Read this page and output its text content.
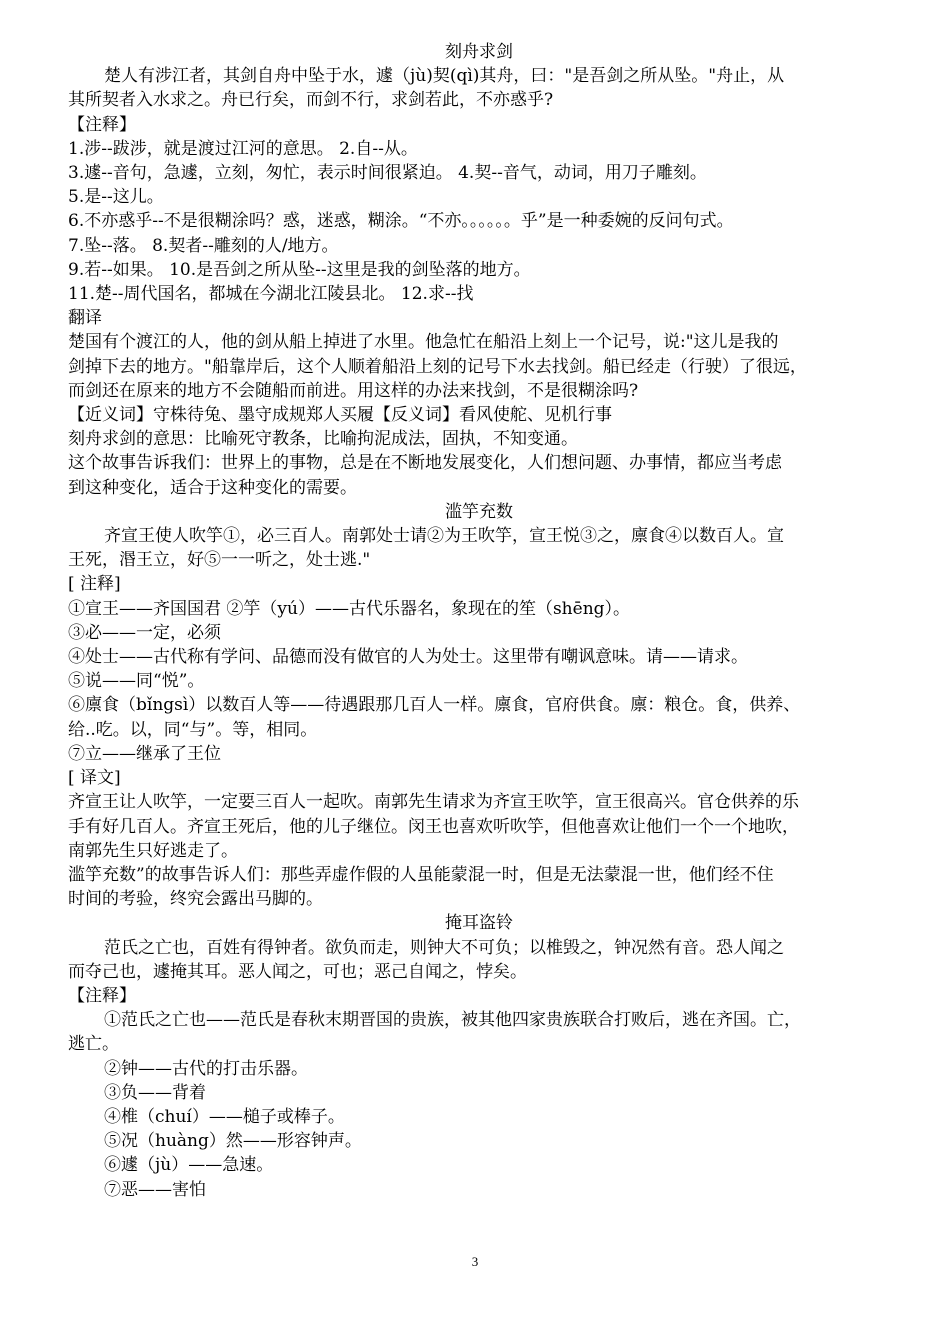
刻舟求剑
楚人有涉江者，其剑自舟中坠于水，遽（jù)契(qì)其舟，曰："是吾剑之所从坠。"舟止，从
其所契者入水求之。舟已行矣，而剑不行，求剑若此，不亦惑乎?
【注释】
1.涉--跋涉，就是渡过江河的意思。 2.自--从。
3.遽--音句，急遽，立刻，匆忙，表示时间很紧迫。 4.契--音气，动词，用刀子雕刻。
5.是--这儿。
6.不亦惑乎--不是很糊涂吗？惑，迷惑，糊涂。“不亦。。。。。。乎”是一种委婉的反问句式。
7.坠--落。 8.契者--雕刻的人/地方。
9.若--如果。 10.是吾剑之所从坠--这里是我的剑坠落的地方。
11.楚--周代国名，都城在今湖北江陵县北。 12.求--找
翻译
楚国有个渡江的人，他的剑从船上掉进了水里。他急忙在船沿上刻上一个记号，说:"这儿是我的
剑掉下去的地方。"船靠岸后，这个人顺着船沿上刻的记号下水去找剑。船已经走（行驶）了很远，
而剑还在原来的地方不会随船而前进。用这样的办法来找剑，不是很糊涂吗?
【近义词】守株待兔、墨守成规郑人买履【反义词】看风使舵、见机行事
刻舟求剑的意思：比喻死守教条，比喻拘泥成法，固执，不知变通。
这个故事告诉我们：世界上的事物，总是在不断地发展变化，人们想问题、办事情，都应当考虑
到这种变化，适合于这种变化的需要。
滥竽充数
齐宣王使人吹竽①，必三百人。南郭处士请②为王吹竽，宣王悦③之，廪食④以数百人。宣
王死，湣王立，好⑤一一听之，处士逃."
[ 注释]
①宣王——齐国国君 ②竽（yú）——古代乐器名，象现在的笙（shēng）。
③必——一定，必须
④处士——古代称有学问、品德而没有做官的人为处士。这里带有嘲讽意味。请——请求。
⑤说——同“悦”。
⑥廪食（bǐngsì）以数百人等——待遇跟那几百人一样。廪食，官府供食。廪：粮仓。食，供养、
给..吃。以，同“与”。等，相同。
⑦立——继承了王位
[ 译文]
齐宣王让人吹竽，一定要三百人一起吹。南郭先生请求为齐宣王吹竽，宣王很高兴。官仓供养的乐
手有好几百人。齐宣王死后，他的儿子继位。闵王也喜欢听吹竽，但他喜欢让他们一个一个地吹，
南郭先生只好逃走了。
滥竽充数”的故事告诉人们：那些弄虚作假的人虽能蒙混一时，但是无法蒙混一世，他们经不住
时间的考验，终究会露出马脚的。
掩耳盗铃
范氏之亡也，百姓有得钟者。欲负而走，则钟大不可负；以椎毁之，钟况然有音。恐人闻之
而夺己也，遽掩其耳。恶人闻之，可也；恶己自闻之，悖矣。
【注释】
①范氏之亡也——范氏是春秋末期晋国的贵族，被其他四家贵族联合打败后，逃在齐国。亡，
逃亡。
②钟——古代的打击乐器。
③负——背着
④椎（chuí）——槌子或棒子。
⑤况（huàng）然——形容钟声。
⑥遽（jù）——急速。
⑦恶——害怕
3
